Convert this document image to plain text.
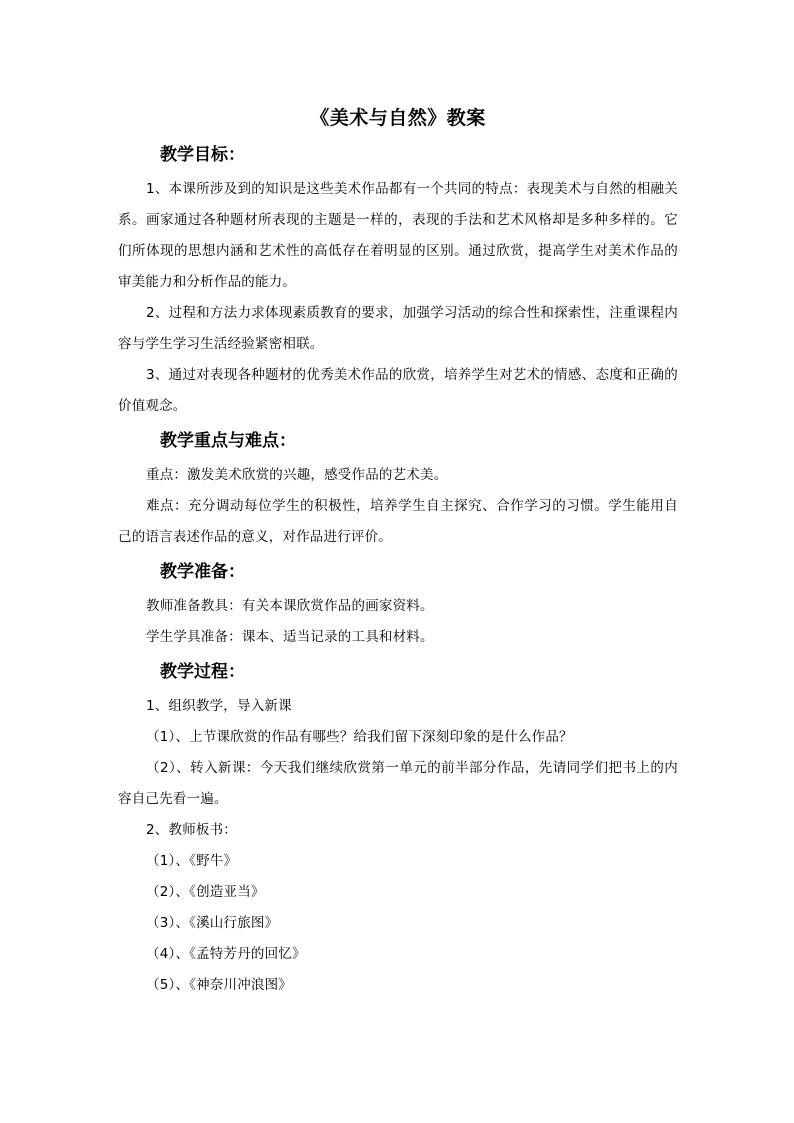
《美术与自然》教案
教学目标：

1、本课所涉及到的知识是这些美术作品都有一个共同的特点：表现美术与自然的相融关系。画家通过各种题材所表现的主题是一样的，表现的手法和艺术风格却是多种多样的。它们所体现的思想内涵和艺术性的高低存在着明显的区别。通过欣赏，提高学生对美术作品的审美能力和分析作品的能力。

2、过程和方法力求体现素质教育的要求，加强学习活动的综合性和探索性，注重课程内容与学生学习生活经验紧密相联。

3、通过对表现各种题材的优秀美术作品的欣赏，培养学生对艺术的情感、态度和正确的价值观念。

教学重点与难点：

重点：激发美术欣赏的兴趣，感受作品的艺术美。

难点：充分调动每位学生的积极性，培养学生自主探究、合作学习的习惯。学生能用自己的语言表述作品的意义，对作品进行评价。

教学准备：

教师准备教具：有关本课欣赏作品的画家资料。

学生学具准备：课本、适当记录的工具和材料。

教学过程：

1、组织教学，导入新课

（1）、上节课欣赏的作品有哪些？给我们留下深刻印象的是什么作品？

（2）、转入新课：今天我们继续欣赏第一单元的前半部分作品，先请同学们把书上的内容自己先看一遍。

2、教师板书：

（1）、《野牛》

（2）、《创造亚当》

（3）、《溪山行旅图》

（4）、《孟特芳丹的回忆》

（5）、《神奈川冲浪图》
